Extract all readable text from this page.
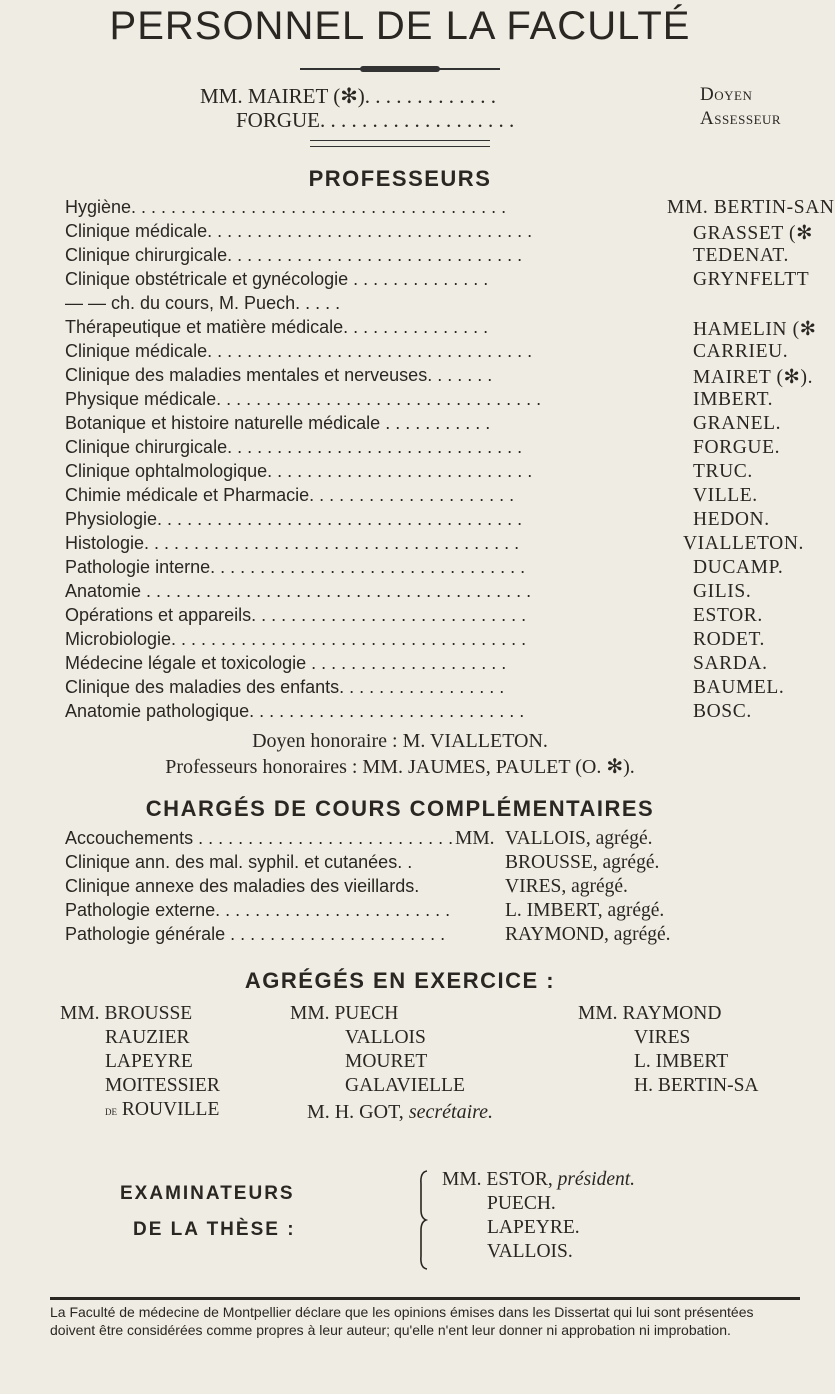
PERSONNEL DE LA FACULTÉ
MM. MAIRET (✻). . . . . . . . . . . . .	Doyen
FORGUE. . . . . . . . . . . . . . . . . . .	Assesseur
PROFESSEURS
Hygiène. . . . . . . . . . . . . . . . . . . . . . . . . . . . . . . . . . . . . .	MM. BERTIN-SAN
Clinique médicale. . . . . . . . . . . . . . . . . . . . . . . . . . . . . . . . .	GRASSET (✻
Clinique chirurgicale. . . . . . . . . . . . . . . . . . . . . . . . . . . . . .	TEDENAT.
Clinique obstétricale et gynécologie . . . . . . . . . . . . . .	GRYNFELTT
— — ch. du cours, M. Puech. . . . .
Thérapeutique et matière médicale. . . . . . . . . . . . . . .	HAMELIN (✻
Clinique médicale. . . . . . . . . . . . . . . . . . . . . . . . . . . . . . . . .	CARRIEU.
Clinique des maladies mentales et nerveuses. . . . . . .	MAIRET (✻).
Physique médicale. . . . . . . . . . . . . . . . . . . . . . . . . . . . . . . . .	IMBERT.
Botanique et histoire naturelle médicale . . . . . . . . . . .	GRANEL.
Clinique chirurgicale. . . . . . . . . . . . . . . . . . . . . . . . . . . . . .	FORGUE.
Clinique ophtalmologique. . . . . . . . . . . . . . . . . . . . . . . . . . .	TRUC.
Chimie médicale et Pharmacie. . . . . . . . . . . . . . . . . . . . .	VILLE.
Physiologie. . . . . . . . . . . . . . . . . . . . . . . . . . . . . . . . . . . . .	HEDON.
Histologie. . . . . . . . . . . . . . . . . . . . . . . . . . . . . . . . . . . . . .	VIALLETON.
Pathologie interne. . . . . . . . . . . . . . . . . . . . . . . . . . . . . . . .	DUCAMP.
Anatomie . . . . . . . . . . . . . . . . . . . . . . . . . . . . . . . . . . . . . . .	GILIS.
Opérations et appareils. . . . . . . . . . . . . . . . . . . . . . . . . . . .	ESTOR.
Microbiologie. . . . . . . . . . . . . . . . . . . . . . . . . . . . . . . . . . . .	RODET.
Médecine légale et toxicologie . . . . . . . . . . . . . . . . . . . .	SARDA.
Clinique des maladies des enfants. . . . . . . . . . . . . . . . .	BAUMEL.
Anatomie pathologique. . . . . . . . . . . . . . . . . . . . . . . . . . . .	BOSC.
Doyen honoraire : M. VIALLETON.
Professeurs honoraires : MM. JAUMES, PAULET (O. ✻).
CHARGÉS DE COURS COMPLÉMENTAIRES
Accouchements . . . . . . . . . . . . . . . . . . . . . . . . . . MM. VALLOIS, agrégé.
Clinique ann. des mal. syphil. et cutanées. .	BROUSSE, agrégé.
Clinique annexe des maladies des vieillards.	VIRES, agrégé.
Pathologie externe. . . . . . . . . . . . . . . . . . . . . . . .	L. IMBERT, agrégé.
Pathologie générale . . . . . . . . . . . . . . . . . . . . . .	RAYMOND, agrégé.
AGRÉGÉS EN EXERCICE :
MM. BROUSSE
RAUZIER
LAPEYRE
MOITESSIER
de ROUVILLE
MM. PUECH
VALLOIS
MOURET
GALAVIELLE
MM. RAYMOND
VIRES
L. IMBERT
H. BERTIN-SA
M. H. GOT, secrétaire.
EXAMINATEURS
DE LA THÈSE :
MM. ESTOR, président.
PUECH.
LAPEYRE.
VALLOIS.
La Faculté de médecine de Montpellier déclare que les opinions émises dans les Dissertat qui lui sont présentées doivent être considérées comme propres à leur auteur; qu'elle n'ent leur donner ni approbation ni improbation.
